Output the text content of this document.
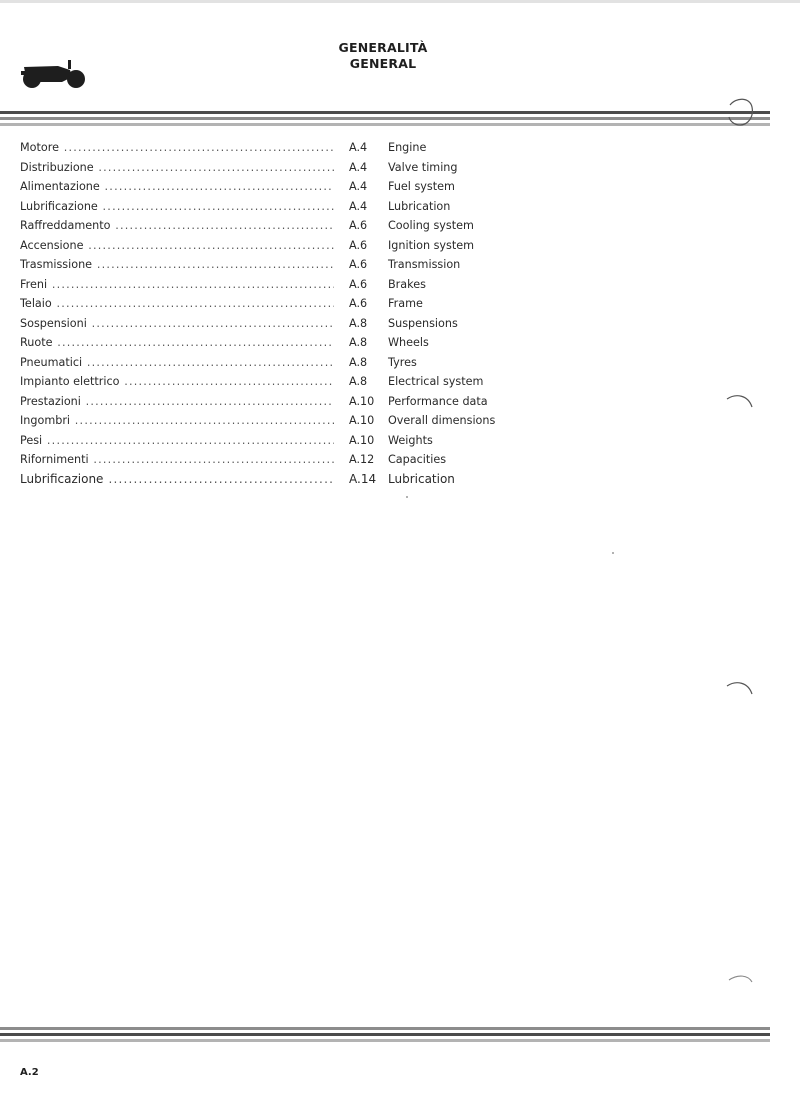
GENERALITÀ
GENERAL
Motore .....	A.4 Engine
Distribuzione .....	A.4 Valve timing
Alimentazione .....	A.4 Fuel system
Lubrificazione .....	A.4 Lubrication
Raffreddamento .....	A.6 Cooling system
Accensione .....	A.6 Ignition system
Trasmissione .....	A.6 Transmission
Freni .....	A.6 Brakes
Telaio .....	A.6 Frame
Sospensioni .....	A.8 Suspensions
Ruote .....	A.8 Wheels
Pneumatici .....	A.8 Tyres
Impianto elettrico .....	A.8 Electrical system
Prestazioni .....	A.10 Performance data
Ingombri .....	A.10 Overall dimensions
Pesi .....	A.10 Weights
Rifornimenti .....	A.12 Capacities
Lubrificazione .....	A.14 Lubrication
A.2
